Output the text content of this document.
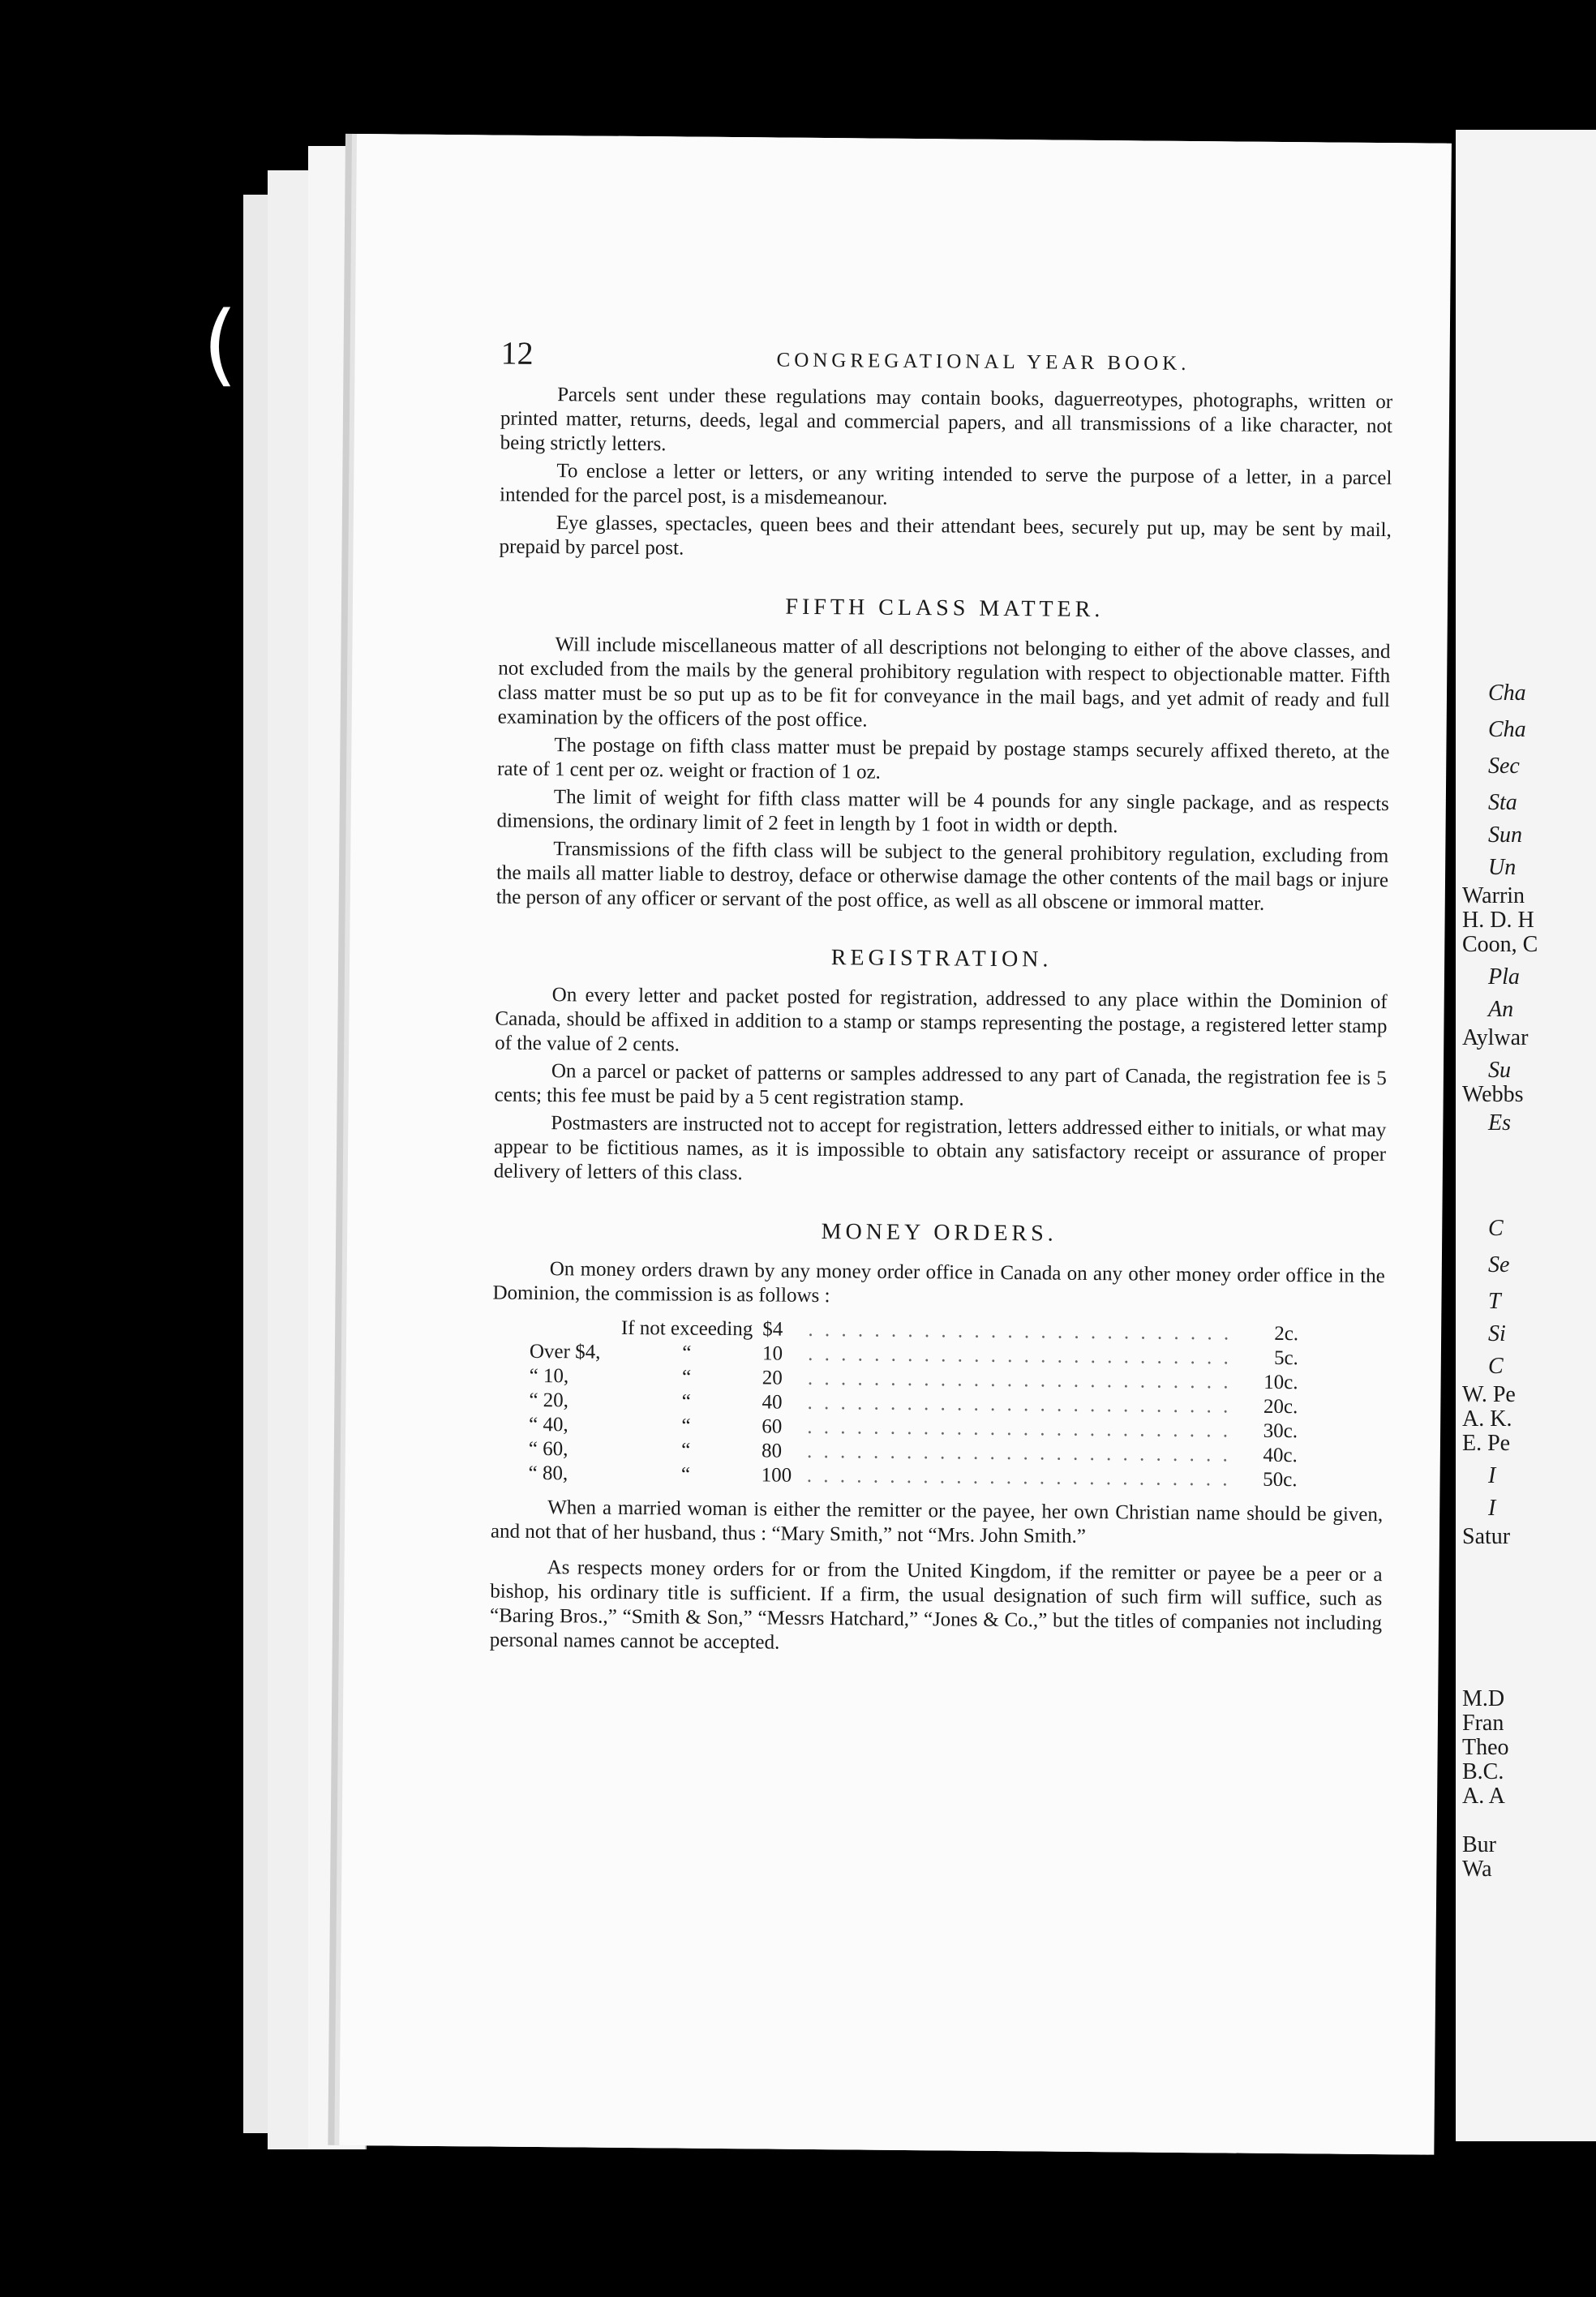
(	12	CONGREGATIONAL YEAR BOOK.

Parcels sent under these regulations may contain books, daguerreotypes, photographs, written or printed matter, returns, deeds, legal and commercial papers, and all transmissions of a like character, not being strictly letters.

To enclose a letter or letters, or any writing intended to serve the purpose of a letter, in a parcel intended for the parcel post, is a misdemeanour.

Eye glasses, spectacles, queen bees and their attendant bees, securely put up, may be sent by mail, prepaid by parcel post.

FIFTH CLASS MATTER.

Will include miscellaneous matter of all descriptions not belonging to either of the above classes, and not excluded from the mails by the general prohibitory regulation with respect to objectionable matter. Fifth class matter must be so put up as to be fit for conveyance in the mail bags, and yet admit of ready and full examination by the officers of the post office.

The postage on fifth class matter must be prepaid by postage stamps securely affixed thereto, at the rate of 1 cent per oz. weight or fraction of 1 oz.

The limit of weight for fifth class matter will be 4 pounds for any single package, and as respects dimensions, the ordinary limit of 2 feet in length by 1 foot in width or depth.

Transmissions of the fifth class will be subject to the general prohibitory regulation, excluding from the mails all matter liable to destroy, deface or otherwise damage the other contents of the mail bags or injure the person of any officer or servant of the post office, as well as all obscene or immoral matter.

REGISTRATION.

On every letter and packet posted for registration, addressed to any place within the Dominion of Canada, should be affixed in addition to a stamp or stamps representing the postage, a registered letter stamp of the value of 2 cents.

On a parcel or packet of patterns or samples addressed to any part of Canada, the registration fee is 5 cents; this fee must be paid by a 5 cent registration stamp.

Postmasters are instructed not to accept for registration, letters addressed either to initials, or what may appear to be fictitious names, as it is impossible to obtain any satisfactory receipt or assurance of proper delivery of letters of this class.

MONEY ORDERS.

On money orders drawn by any money order office in Canada on any other money order office in the Dominion, the commission is as follows :

	If not exceeding	$4	. . . . . . . . . . . . . . . . . . . . . . . . . .	2c.
Over $4,	“	10	. . . . . . . . . . . . . . . . . . . . . . . . . .	5c.
“ 10,	“	20	. . . . . . . . . . . . . . . . . . . . . . . . . .	10c.
“ 20,	“	40	. . . . . . . . . . . . . . . . . . . . . . . . . .	20c.
“ 40,	“	60	. . . . . . . . . . . . . . . . . . . . . . . . . .	30c.
“ 60,	“	80	. . . . . . . . . . . . . . . . . . . . . . . . . .	40c.
“ 80,	“	100	. . . . . . . . . . . . . . . . . . . . . . . . . .	50c.

When a married woman is either the remitter or the payee, her own Christian name should be given, and not that of her husband, thus : “Mary Smith,” not “Mrs. John Smith.”

As respects money orders for or from the United Kingdom, if the remitter or payee be a peer or a bishop, his ordinary title is sufficient. If a firm, the usual designation of such firm will suffice, such as “Baring Bros.,” “Smith & Son,” “Messrs Hatchard,” “Jones & Co.,” but the titles of companies not including personal names cannot be accepted.

Cha
Cha
Sec
Sta
Sun
Un
Warrin
H. D. H
Coon, C
Pla
An
Aylwar
Su
Webbs
Es
C
Se
T
Si
C
W. Pe
A. K.
E. Pe
I
I
Satur
M.D
Fran
Theo
B.C.
A. A
Bur
Wa
